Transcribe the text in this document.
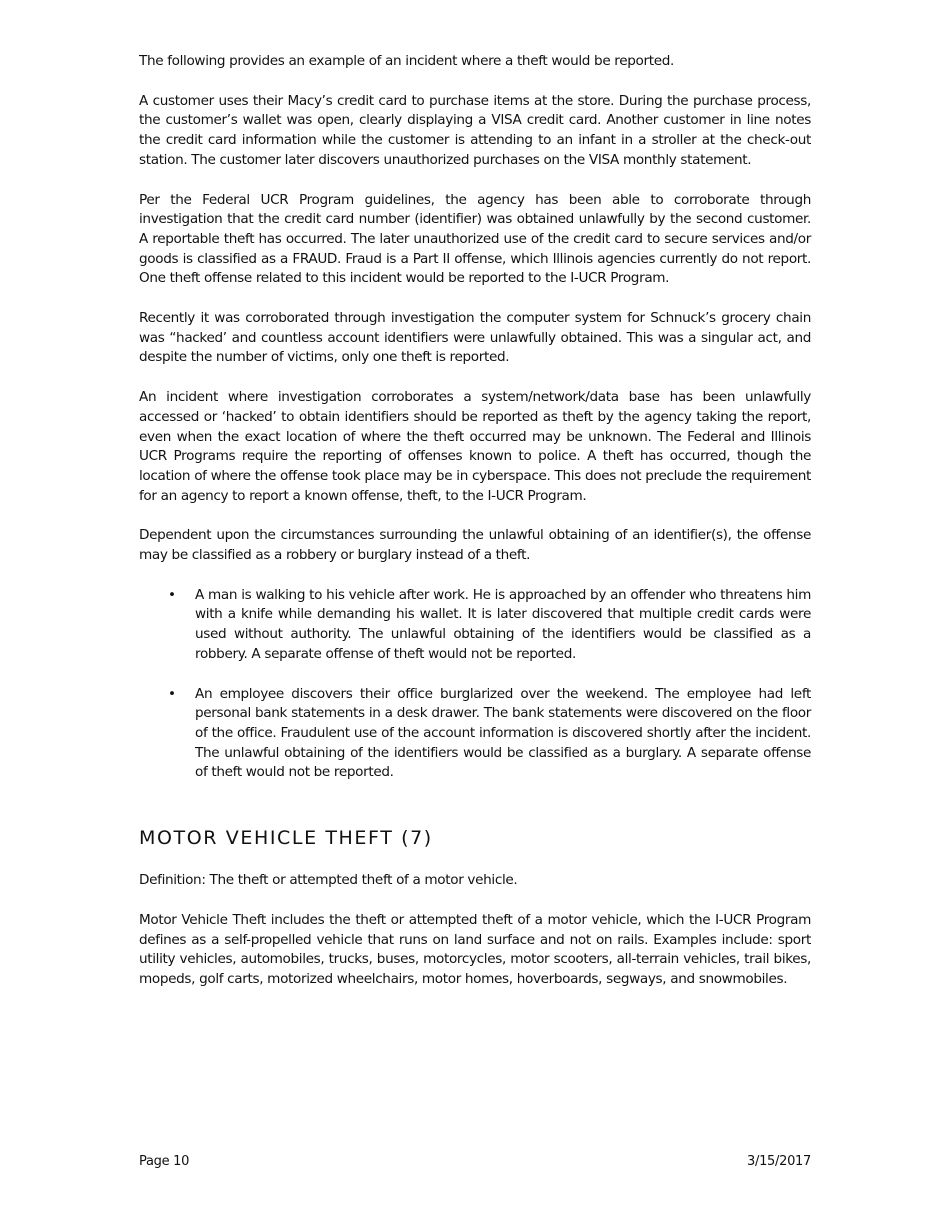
The following provides an example of an incident where a theft would be reported.

A customer uses their Macy’s credit card to purchase items at the store. During the purchase process, the customer’s wallet was open, clearly displaying a VISA credit card. Another customer in line notes the credit card information while the customer is attending to an infant in a stroller at the check-out station. The customer later discovers unauthorized purchases on the VISA monthly statement.

Per the Federal UCR Program guidelines, the agency has been able to corroborate through investigation that the credit card number (identifier) was obtained unlawfully by the second customer. A reportable theft has occurred. The later unauthorized use of the credit card to secure services and/or goods is classified as a FRAUD. Fraud is a Part II offense, which Illinois agencies currently do not report. One theft offense related to this incident would be reported to the I-UCR Program.

Recently it was corroborated through investigation the computer system for Schnuck’s grocery chain was “hacked’ and countless account identifiers were unlawfully obtained. This was a singular act, and despite the number of victims, only one theft is reported.

An incident where investigation corroborates a system/network/data base has been unlawfully accessed or ‘hacked’ to obtain identifiers should be reported as theft by the agency taking the report, even when the exact location of where the theft occurred may be unknown. The Federal and Illinois UCR Programs require the reporting of offenses known to police. A theft has occurred, though the location of where the offense took place may be in cyberspace. This does not preclude the requirement for an agency to report a known offense, theft, to the I-UCR Program.

Dependent upon the circumstances surrounding the unlawful obtaining of an identifier(s), the offense may be classified as a robbery or burglary instead of a theft.

• A man is walking to his vehicle after work. He is approached by an offender who threatens him with a knife while demanding his wallet. It is later discovered that multiple credit cards were used without authority. The unlawful obtaining of the identifiers would be classified as a robbery. A separate offense of theft would not be reported.
• An employee discovers their office burglarized over the weekend. The employee had left personal bank statements in a desk drawer. The bank statements were discovered on the floor of the office. Fraudulent use of the account information is discovered shortly after the incident. The unlawful obtaining of the identifiers would be classified as a burglary. A separate offense of theft would not be reported.
MOTOR VEHICLE THEFT (7)

Definition: The theft or attempted theft of a motor vehicle.

Motor Vehicle Theft includes the theft or attempted theft of a motor vehicle, which the I-UCR Program defines as a self-propelled vehicle that runs on land surface and not on rails. Examples include: sport utility vehicles, automobiles, trucks, buses, motorcycles, motor scooters, all-terrain vehicles, trail bikes, mopeds, golf carts, motorized wheelchairs, motor homes, hoverboards, segways, and snowmobiles.

Page 10	3/15/2017
